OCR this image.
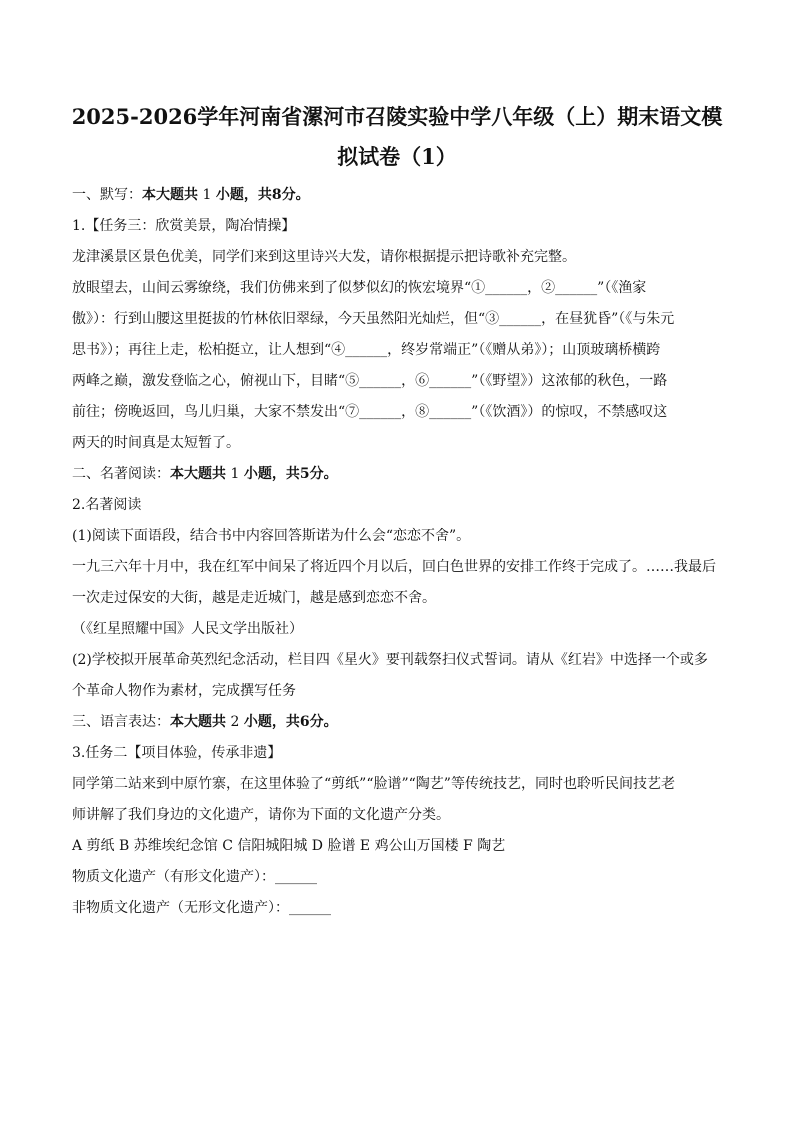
2025-2026学年河南省漯河市召陵实验中学八年级（上）期末语文模
拟试卷（1）
一、默写：本大题共 1 小题，共8分。
1.【任务三：欣赏美景，陶冶情操】
龙津溪景区景色优美，同学们来到这里诗兴大发，请你根据提示把诗歌补充完整。
放眼望去，山间云雾缭绕，我们仿佛来到了似梦似幻的恢宏境界“①______，②______”（《渔家
傲》）：行到山腰这里挺拔的竹林依旧翠绿，今天虽然阳光灿烂，但“③______，在昼犹昏”（《与朱元
思书》）；再往上走，松柏挺立，让人想到“④______，终岁常端正”（《赠从弟》）；山顶玻璃桥横跨
两峰之巅，激发登临之心，俯视山下，目睹“⑤______，⑥______”（《野望》）这浓郁的秋色，一路
前往；傍晚返回，鸟儿归巢，大家不禁发出“⑦______，⑧______”（《饮酒》）的惊叹，不禁感叹这
两天的时间真是太短暂了。
二、名著阅读：本大题共 1 小题，共5分。
2.名著阅读
(1)阅读下面语段，结合书中内容回答斯诺为什么会“恋恋不舍”。
一九三六年十月中，我在红军中间呆了将近四个月以后，回白色世界的安排工作终于完成了。……我最后
一次走过保安的大街，越是走近城门，越是感到恋恋不舍。
（《红星照耀中国》人民文学出版社）
(2)学校拟开展革命英烈纪念活动，栏目四《星火》要刊载祭扫仪式誓词。请从《红岩》中选择一个或多
个革命人物作为素材，完成撰写任务
三、语言表达：本大题共 2 小题，共6分。
3.任务二【项目体验，传承非遗】
同学第二站来到中原竹寨，在这里体验了“剪纸”“脸谱”“陶艺”等传统技艺，同时也聆听民间技艺老
师讲解了我们身边的文化遗产，请你为下面的文化遗产分类。
A 剪纸 B 苏维埃纪念馆 C 信阳城阳城 D 脸谱 E 鸡公山万国楼 F 陶艺
物质文化遗产（有形文化遗产）：______
非物质文化遗产（无形文化遗产）：______
